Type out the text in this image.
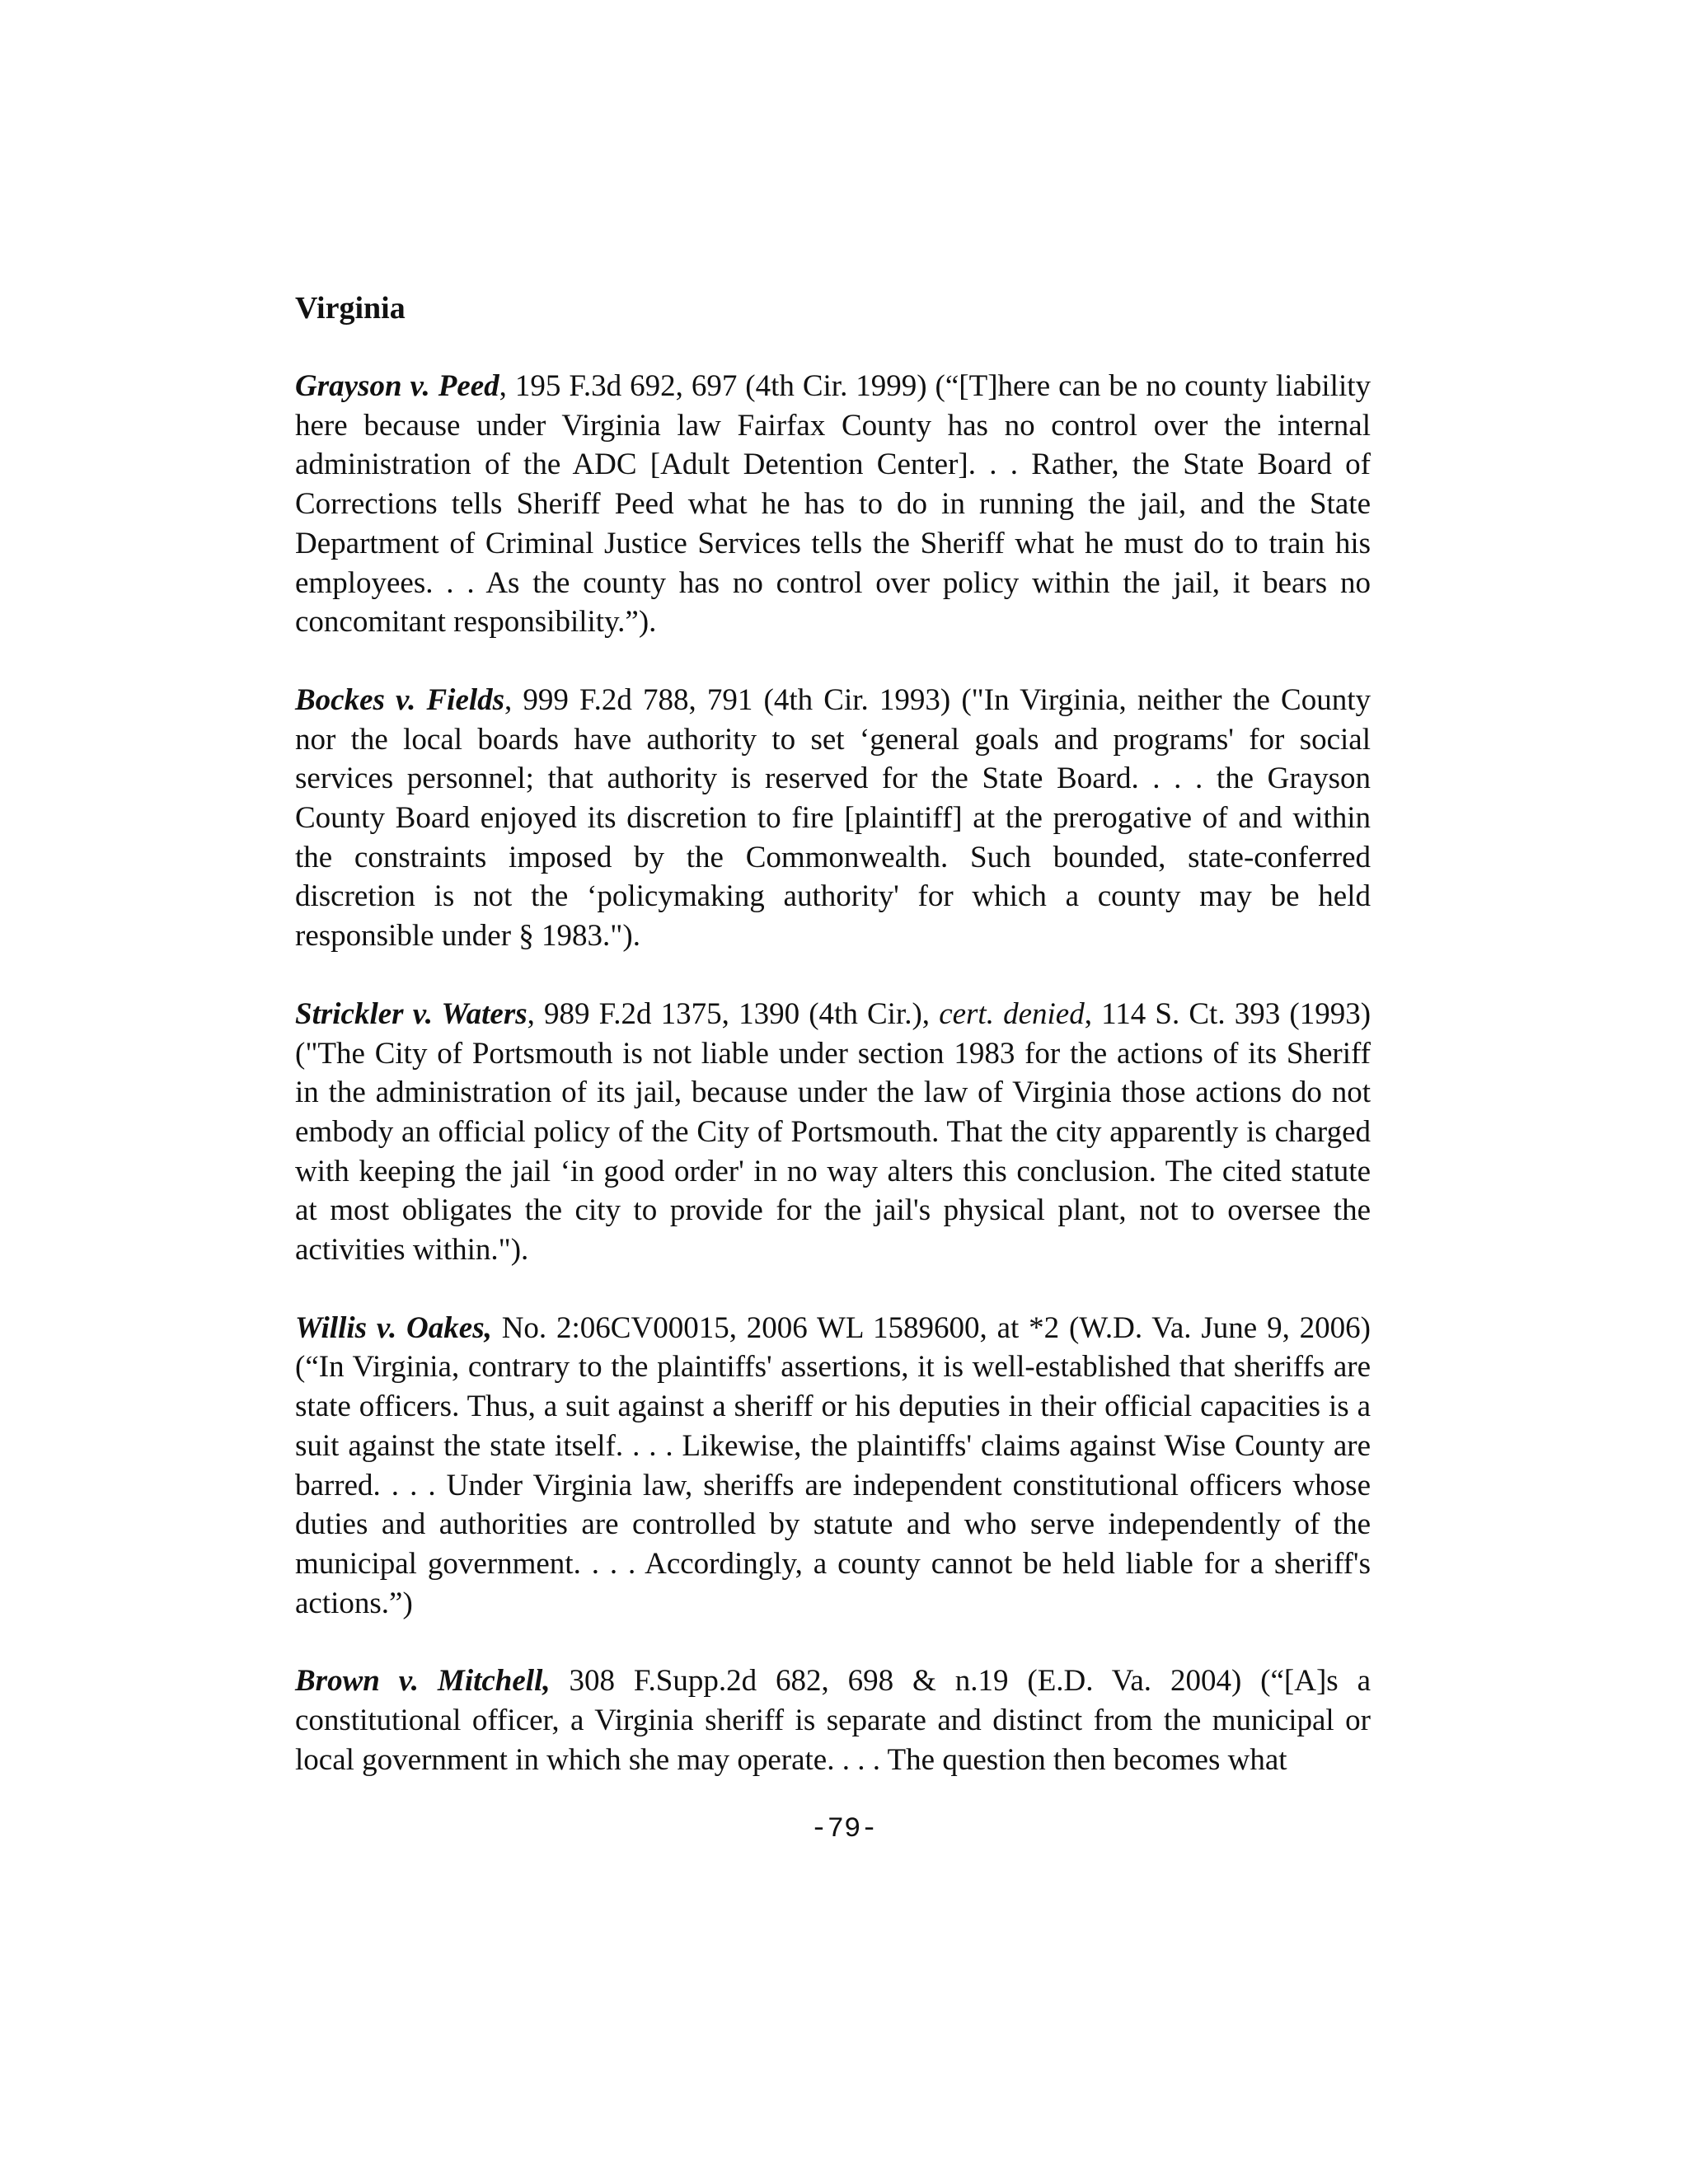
Virginia

Grayson v. Peed, 195 F.3d 692, 697 (4th Cir. 1999) (“[T]here can be no county liability here because under Virginia law Fairfax County has no control over the internal administration of the ADC [Adult Detention Center]. . . Rather, the State Board of Corrections tells Sheriff Peed what he has to do in running the jail, and the State Department of Criminal Justice Services tells the Sheriff what he must do to train his employees. . . As the county has no control over policy within the jail, it bears no concomitant responsibility.”).

Bockes v. Fields, 999 F.2d 788, 791 (4th Cir. 1993) ("In Virginia, neither the County nor the local boards have authority to set ‘general goals and programs' for social services personnel; that authority is reserved for the State Board. . . . the Grayson County Board enjoyed its discretion to fire [plaintiff] at the prerogative of and within the constraints imposed by the Commonwealth. Such bounded, state-conferred discretion is not the ‘policymaking authority' for which a county may be held responsible under § 1983.").

Strickler v. Waters, 989 F.2d 1375, 1390 (4th Cir.), cert. denied, 114 S. Ct. 393 (1993) ("The City of Portsmouth is not liable under section 1983 for the actions of its Sheriff in the administration of its jail, because under the law of Virginia those actions do not embody an official policy of the City of Portsmouth. That the city apparently is charged with keeping the jail ‘in good order' in no way alters this conclusion. The cited statute at most obligates the city to provide for the jail's physical plant, not to oversee the activities within.").

Willis v. Oakes, No. 2:06CV00015, 2006 WL 1589600, at *2 (W.D. Va. June 9, 2006) (“In Virginia, contrary to the plaintiffs' assertions, it is well-established that sheriffs are state officers. Thus, a suit against a sheriff or his deputies in their official capacities is a suit against the state itself. . . . Likewise, the plaintiffs' claims against Wise County are barred. . . . Under Virginia law, sheriffs are independent constitutional officers whose duties and authorities are controlled by statute and who serve independently of the municipal government. . . . Accordingly, a county cannot be held liable for a sheriff's actions.”)

Brown v. Mitchell, 308 F.Supp.2d 682, 698 & n.19 (E.D. Va. 2004) (“[A]s a constitutional officer, a Virginia sheriff is separate and distinct from the municipal or local government in which she may operate. . . . The question then becomes what

-79-
